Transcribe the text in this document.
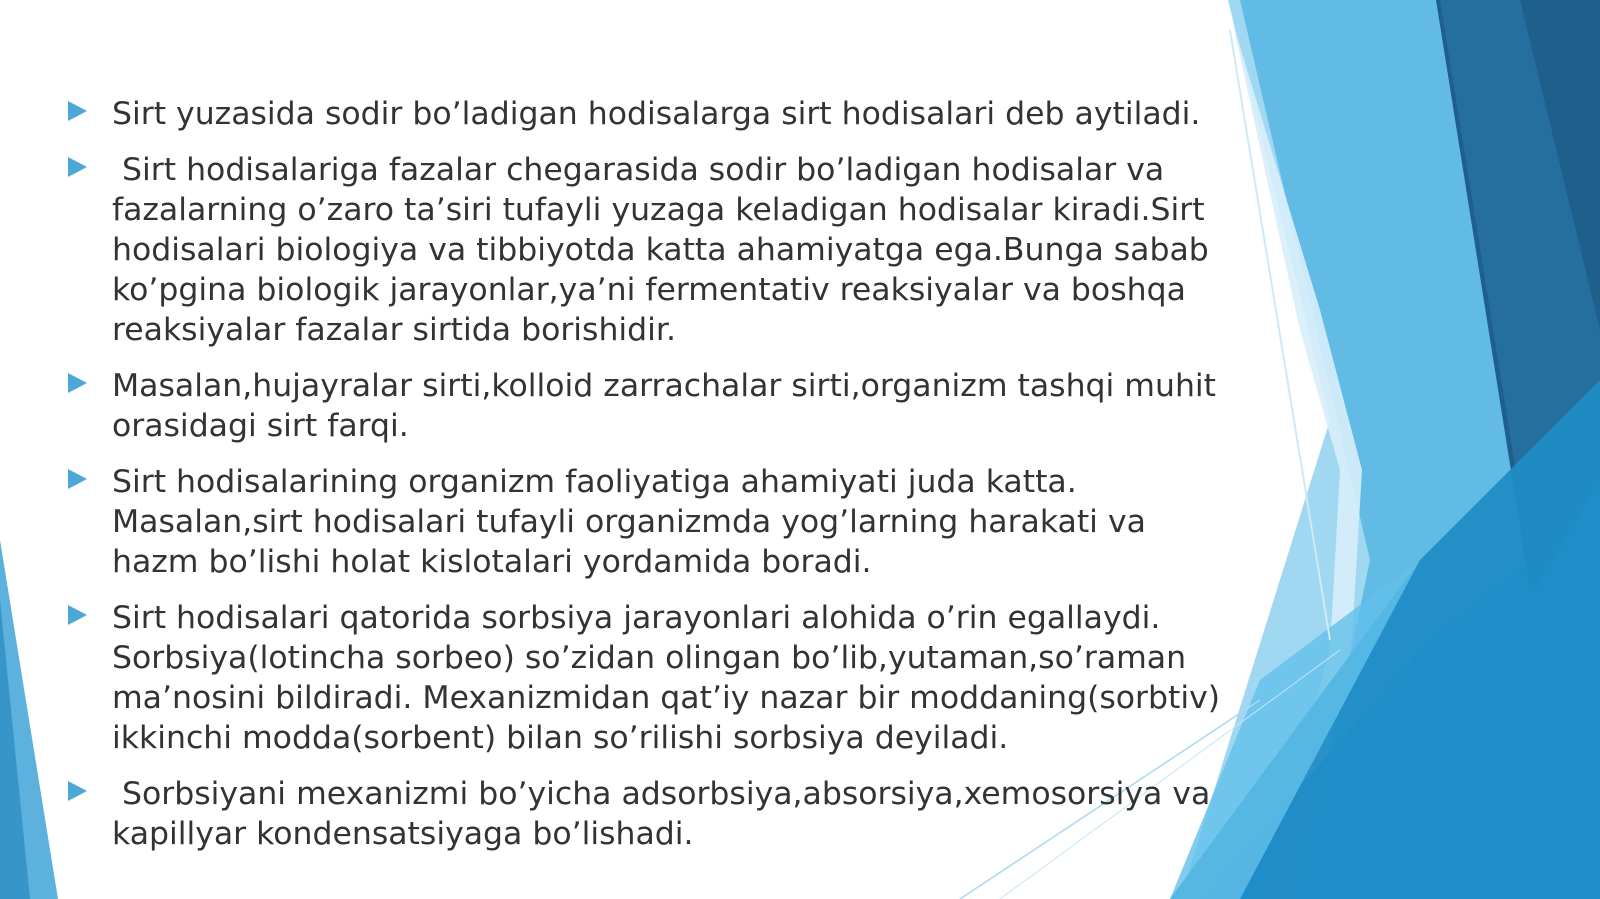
Sirt yuzasida sodir bo’ladigan hodisalarga sirt hodisalari deb aytiladi.
Sirt hodisalariga fazalar chegarasida sodir bo’ladigan hodisalar va fazalarning o’zaro ta’siri tufayli yuzaga keladigan hodisalar kiradi.Sirt hodisalari biologiya va tibbiyotda katta ahamiyatga ega.Bunga sabab ko’pgina biologik jarayonlar,ya’ni fermentativ reaksiyalar va boshqa reaksiyalar fazalar sirtida borishidir.
Masalan,hujayralar sirti,kolloid zarrachalar sirti,organizm tashqi muhit orasidagi sirt farqi.
Sirt hodisalarining organizm faoliyatiga ahamiyati juda katta. Masalan,sirt hodisalari tufayli organizmda yog’larning harakati va hazm bo’lishi holat kislotalari yordamida boradi.
Sirt hodisalari qatorida sorbsiya jarayonlari alohida o’rin egallaydi. Sorbsiya(lotincha sorbeo) so’zidan olingan bo’lib,yutaman,so’raman ma’nosini bildiradi. Mexanizmidan qat’iy nazar bir moddaning(sorbtiv) ikkinchi modda(sorbent) bilan so’rilishi sorbsiya deyiladi.
Sorbsiyani mexanizmi bo’yicha adsorbsiya,absorsiya,xemosorsiya va kapillyar kondensatsiyaga bo’lishadi.
